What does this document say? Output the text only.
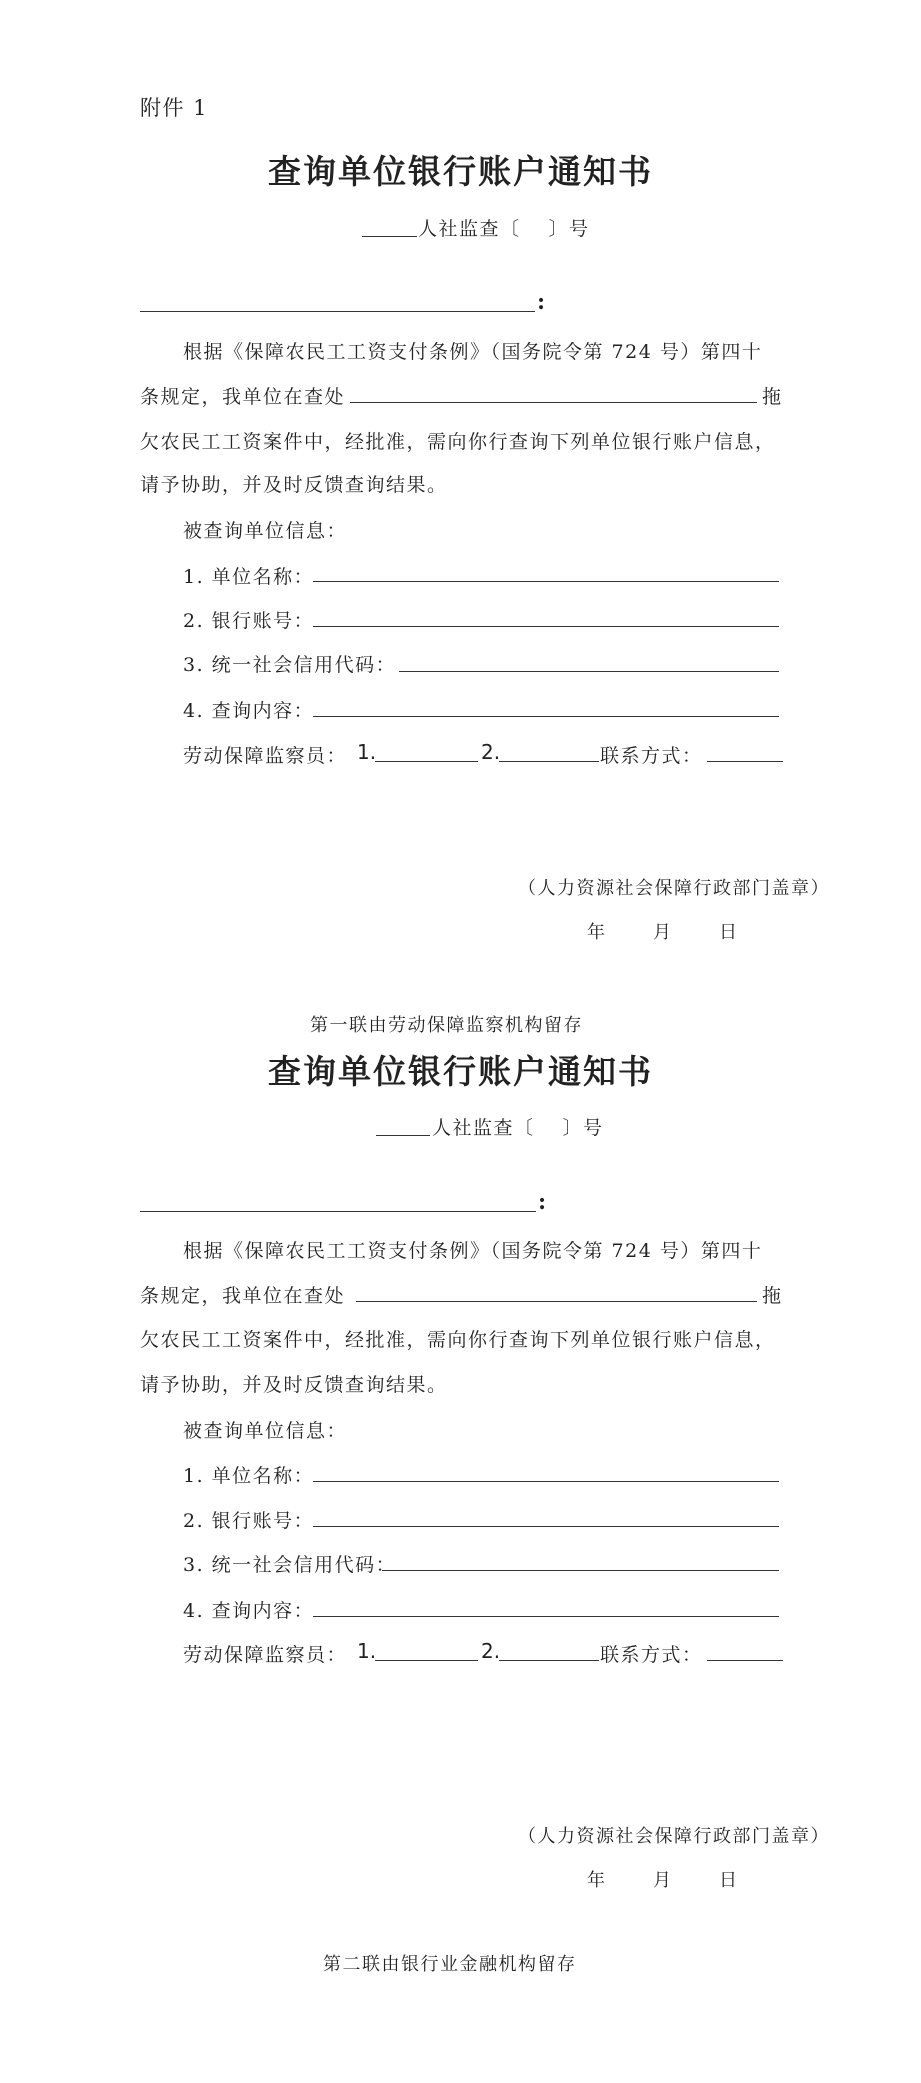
附件 1
查询单位银行账户通知书
人社监查〔　 〕号
:
根据《保障农民工工资支付条例》（国务院令第 724 号）第四十
条规定，我单位在查处	拖
欠农民工工资案件中，经批准，需向你行查询下列单位银行账户信息，
请予协助，并及时反馈查询结果。
被查询单位信息：
1. 单位名称：
2. 银行账号：
3. 统一社会信用代码：
4. 查询内容：
劳动保障监察员： 1.	2.	联系方式：
（人力资源社会保障行政部门盖章）
年　　月　　日
第一联由劳动保障监察机构留存
查询单位银行账户通知书
人社监查〔　 〕号
:
根据《保障农民工工资支付条例》（国务院令第 724 号）第四十
条规定，我单位在查处	拖
欠农民工工资案件中，经批准，需向你行查询下列单位银行账户信息，
请予协助，并及时反馈查询结果。
被查询单位信息：
1. 单位名称：
2. 银行账号：
3. 统一社会信用代码：
4. 查询内容：
劳动保障监察员： 1.	2.	联系方式：
（人力资源社会保障行政部门盖章）
年　　月　　日
第二联由银行业金融机构留存
